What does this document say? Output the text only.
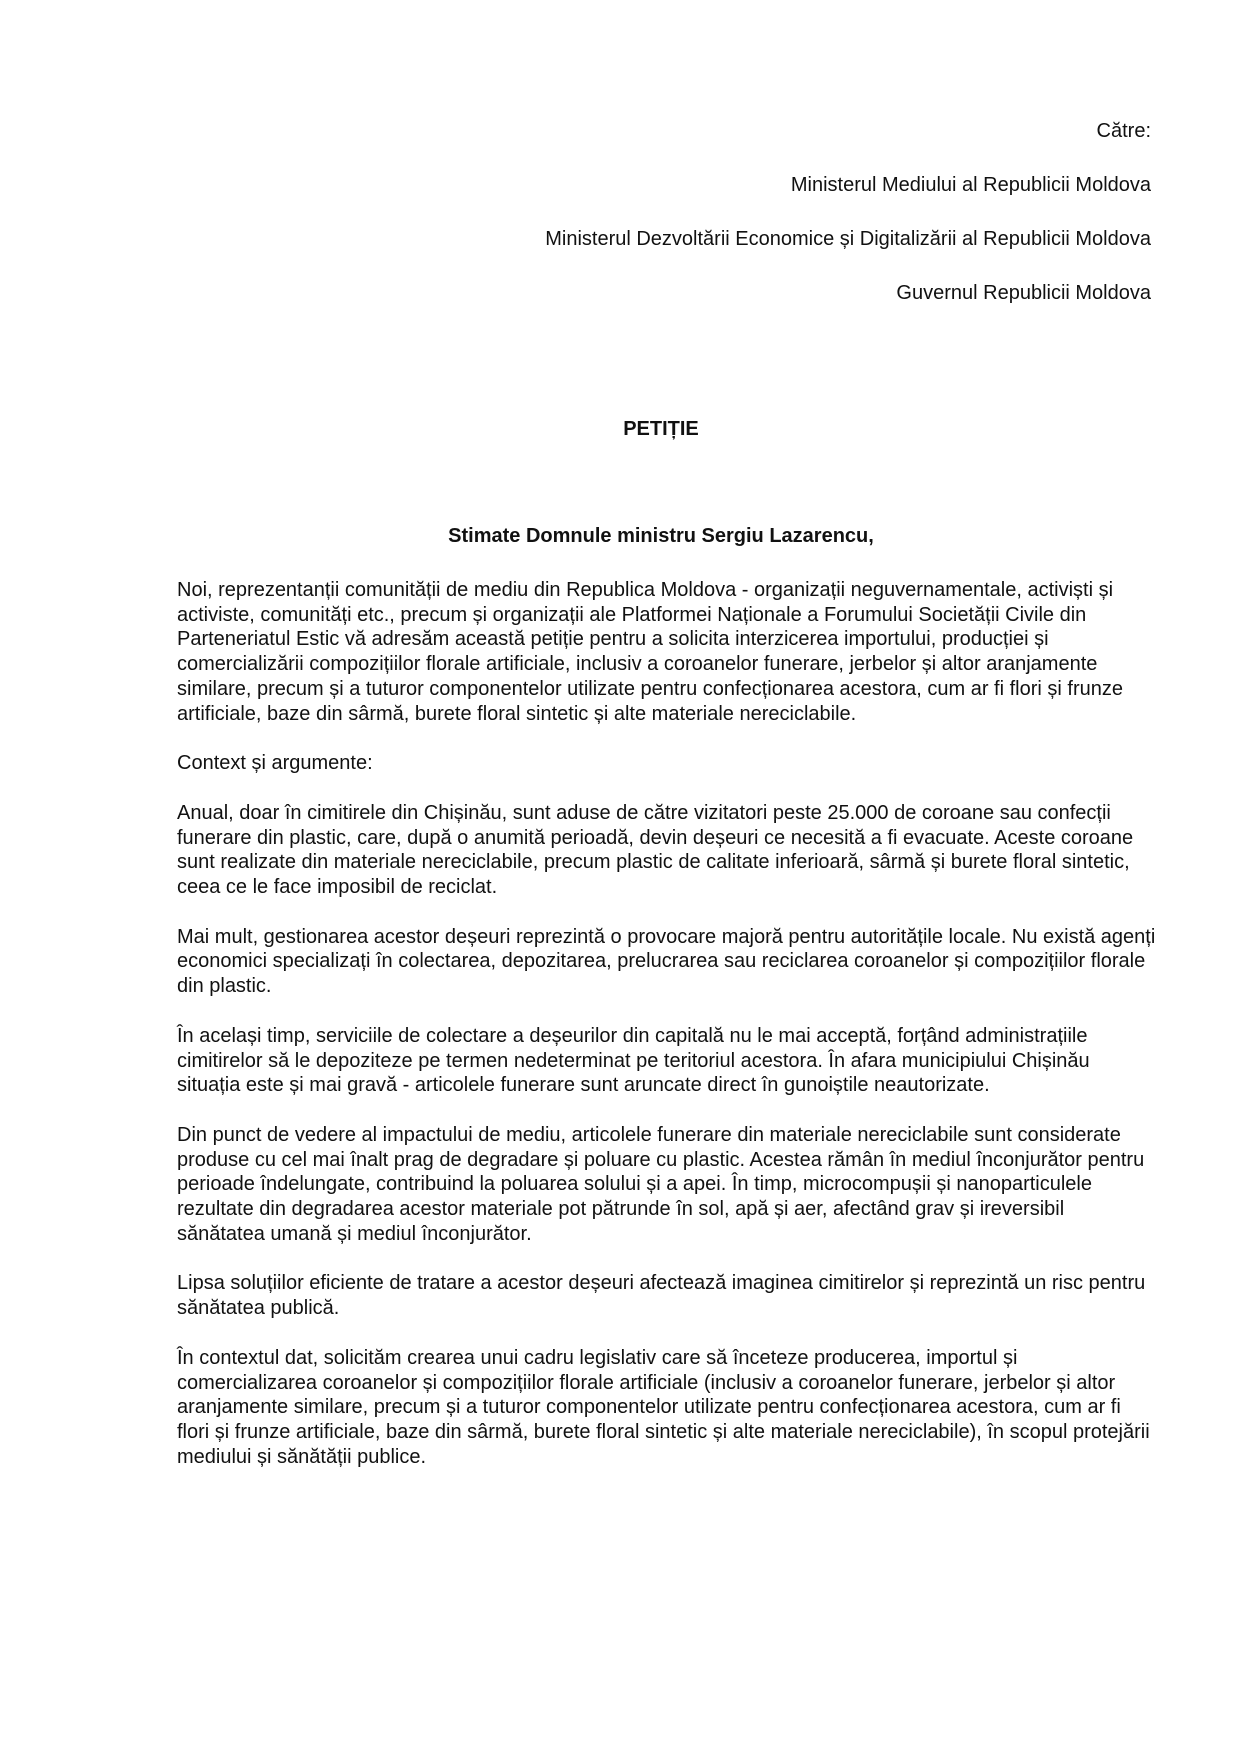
Către:
Ministerul Mediului al Republicii Moldova
Ministerul Dezvoltării Economice și Digitalizării al Republicii Moldova
Guvernul Republicii Moldova
PETIȚIE
Stimate Domnule ministru Sergiu Lazarencu,

Noi, reprezentanții comunității de mediu din Republica Moldova - organizații neguvernamentale, activiști și activiste, comunități etc., precum și organizații ale Platformei Naționale a Forumului Societății Civile din Parteneriatul Estic vă adresăm această petiție pentru a solicita interzicerea importului, producției și comercializării compozițiilor florale artificiale, inclusiv a coroanelor funerare, jerbelor și altor aranjamente similare, precum și a tuturor componentelor utilizate pentru confecționarea acestora, cum ar fi flori și frunze artificiale, baze din sârmă, burete floral sintetic și alte materiale nereciclabile.

Context și argumente:

Anual, doar în cimitirele din Chișinău, sunt aduse de către vizitatori peste 25.000 de coroane sau confecții funerare din plastic, care, după o anumită perioadă, devin deșeuri ce necesită a fi evacuate. Aceste coroane sunt realizate din materiale nereciclabile, precum plastic de calitate inferioară, sârmă și burete floral sintetic, ceea ce le face imposibil de reciclat.

Mai mult, gestionarea acestor deșeuri reprezintă o provocare majoră pentru autoritățile locale. Nu există agenți economici specializați în colectarea, depozitarea, prelucrarea sau reciclarea coroanelor și compozițiilor florale din plastic.

În același timp, serviciile de colectare a deșeurilor din capitală nu le mai acceptă, forțând administrațiile cimitirelor să le depoziteze pe termen nedeterminat pe teritoriul acestora. În afara municipiului Chișinău situația este și mai gravă - articolele funerare sunt aruncate direct în gunoiștile neautorizate.

Din punct de vedere al impactului de mediu, articolele funerare din materiale nereciclabile sunt considerate produse cu cel mai înalt prag de degradare și poluare cu plastic. Acestea rămân în mediul înconjurător pentru perioade îndelungate, contribuind la poluarea solului și a apei. În timp, microcompușii și nanoparticulele rezultate din degradarea acestor materiale pot pătrunde în sol, apă și aer, afectând grav și ireversibil sănătatea umană și mediul înconjurător.

Lipsa soluțiilor eficiente de tratare a acestor deșeuri afectează imaginea cimitirelor și reprezintă un risc pentru sănătatea publică.

În contextul dat, solicităm crearea unui cadru legislativ care să înceteze producerea, importul și comercializarea coroanelor și compozițiilor florale artificiale (inclusiv a coroanelor funerare, jerbelor și altor aranjamente similare, precum și a tuturor componentelor utilizate pentru confecționarea acestora, cum ar fi flori și frunze artificiale, baze din sârmă, burete floral sintetic și alte materiale nereciclabile), în scopul protejării mediului și sănătății publice.
